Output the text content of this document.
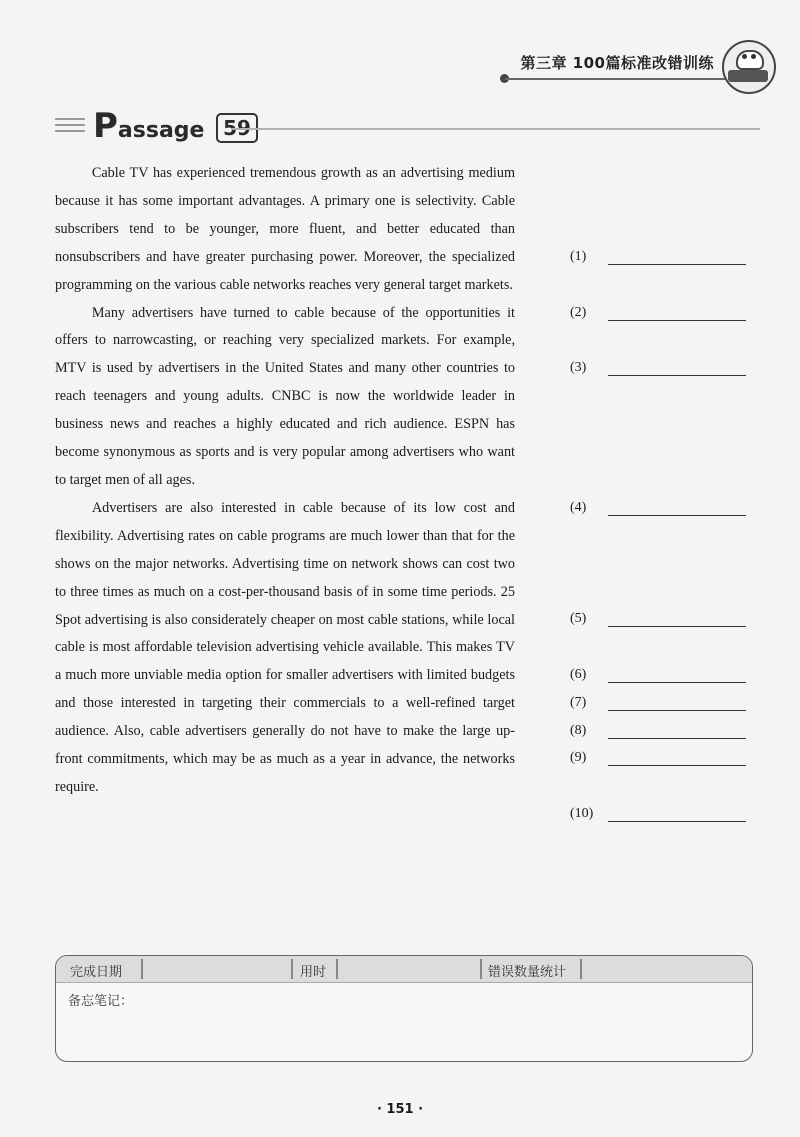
第三章 100篇标准改错训练
Passage 59

Cable TV has experienced tremendous growth as an advertising medium because it has some important advantages. A primary one is selectivity. Cable subscribers tend to be younger, more fluent, and better educated than nonsubscribers and have greater purchasing power. Moreover, the specialized programming on the various cable networks reaches very general target markets.

Many advertisers have turned to cable because of the opportunities it offers to narrowcasting, or reaching very specialized markets. For example, MTV is used by advertisers in the United States and many other countries to reach teenagers and young adults. CNBC is now the worldwide leader in business news and reaches a highly educated and rich audience. ESPN has become synonymous as sports and is very popular among advertisers who want to target men of all ages.

Advertisers are also interested in cable because of its low cost and flexibility. Advertising rates on cable programs are much lower than that for the shows on the major networks. Advertising time on network shows can cost two to three times as much on a cost-per-thousand basis of in some time periods. 25 Spot advertising is also considerately cheaper on most cable stations, while local cable is most affordable television advertising vehicle available. This makes TV a much more unviable media option for smaller advertisers with limited budgets and those interested in targeting their commercials to a well-refined target audience. Also, cable advertisers generally do not have to make the large up-front commitments, which may be as much as a year in advance, the networks require.

(1)
(2)
(3)
(4)
(5)
(6)
(7)
(8)
(9)
(10)
完成日期	用时	错误数量统计
备忘笔记：
· 151 ·
